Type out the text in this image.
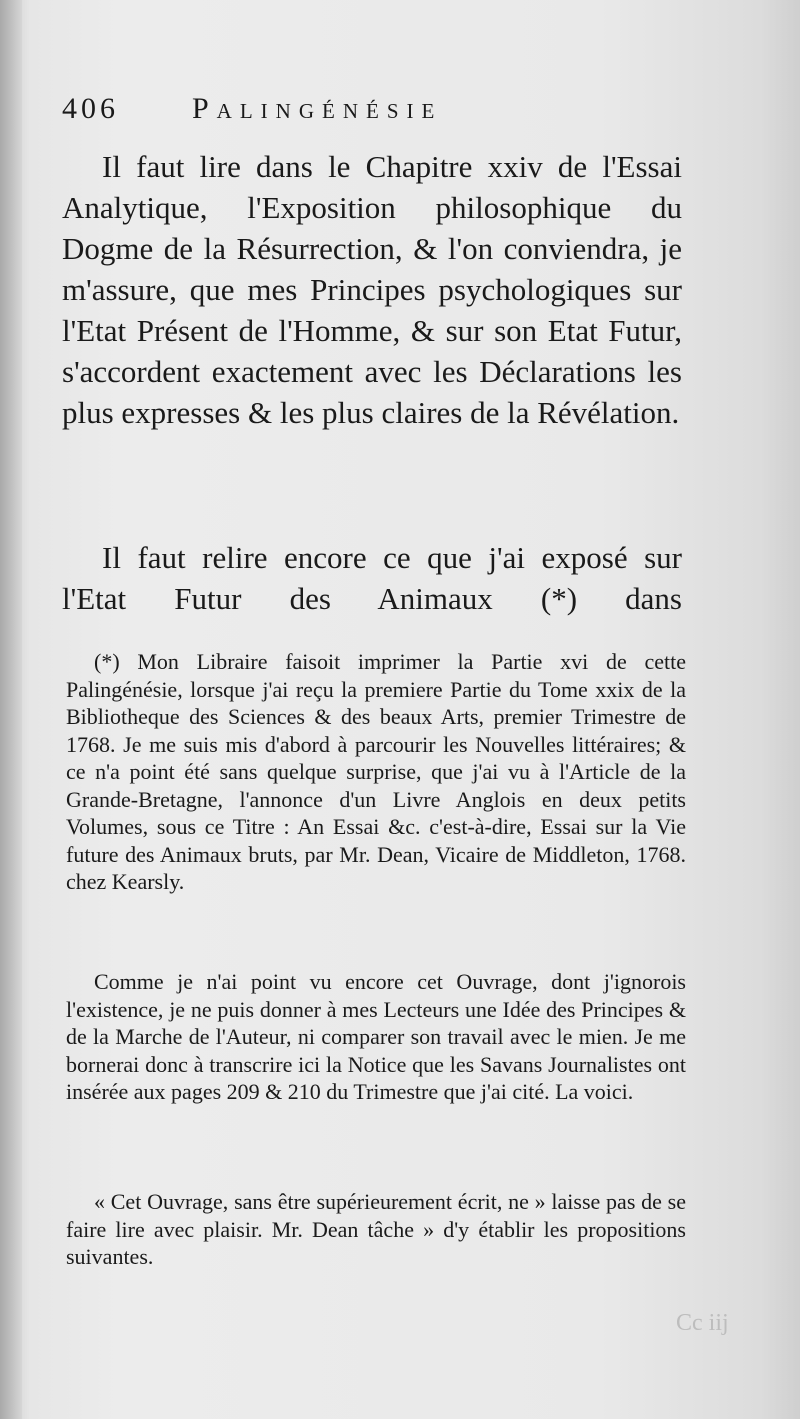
406 Palingénésie

Il faut lire dans le Chapitre xxiv de l'Essai Analytique, l'Exposition philosophique du Dogme de la Résurrection, & l'on conviendra, je m'assure, que mes Principes psychologiques sur l'Etat Présent de l'Homme, & sur son Etat Futur, s'accordent exactement avec les Déclarations les plus expresses & les plus claires de la Révélation.

Il faut relire encore ce que j'ai exposé sur l'Etat Futur des Animaux (*) dans

(*) Mon Libraire faisoit imprimer la Partie xvi de cette Palingénésie, lorsque j'ai reçu la premiere Partie du Tome xxix de la Bibliotheque des Sciences & des beaux Arts, premier Trimestre de 1768. Je me suis mis d'abord à parcourir les Nouvelles littéraires; & ce n'a point été sans quelque surprise, que j'ai vu à l'Article de la Grande-Bretagne, l'annonce d'un Livre Anglois en deux petits Volumes, sous ce Titre : An Essai &c. c'est-à-dire, Essai sur la Vie future des Animaux bruts, par Mr. Dean, Vicaire de Middleton, 1768. chez Kearsly.

Comme je n'ai point vu encore cet Ouvrage, dont j'ignorois l'existence, je ne puis donner à mes Lecteurs une Idée des Principes & de la Marche de l'Auteur, ni comparer son travail avec le mien. Je me bornerai donc à transcrire ici la Notice que les Savans Journalistes ont insérée aux pages 209 & 210 du Trimestre que j'ai cité. La voici.

« Cet Ouvrage, sans être supérieurement écrit, ne » laisse pas de se faire lire avec plaisir. Mr. Dean tâche » d'y établir les propositions suivantes.

Cc iij
